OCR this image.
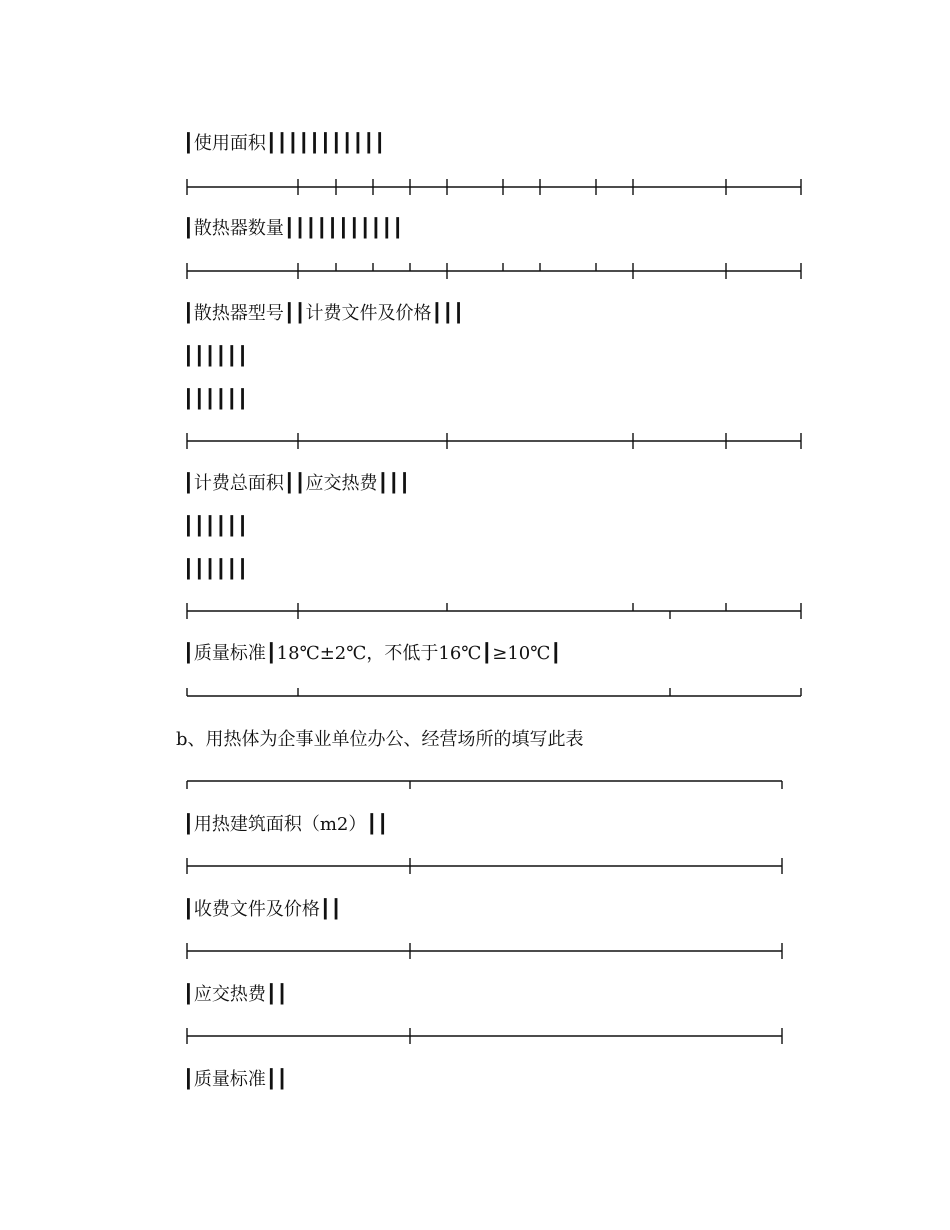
┃使用面积┃┃┃┃┃┃┃┃┃┃┃
┃散热器数量┃┃┃┃┃┃┃┃┃┃┃
┃散热器型号┃┃计费文件及价格┃┃┃
┃┃┃┃┃┃
┃┃┃┃┃┃
┃计费总面积┃┃应交热费┃┃┃
┃┃┃┃┃┃
┃┃┃┃┃┃
┃质量标准┃18℃±2℃，不低于16℃┃≥10℃┃
b、用热体为企事业单位办公、经营场所的填写此表
┃用热建筑面积（m2）┃┃
┃收费文件及价格┃┃
┃应交热费┃┃
┃质量标准┃┃
